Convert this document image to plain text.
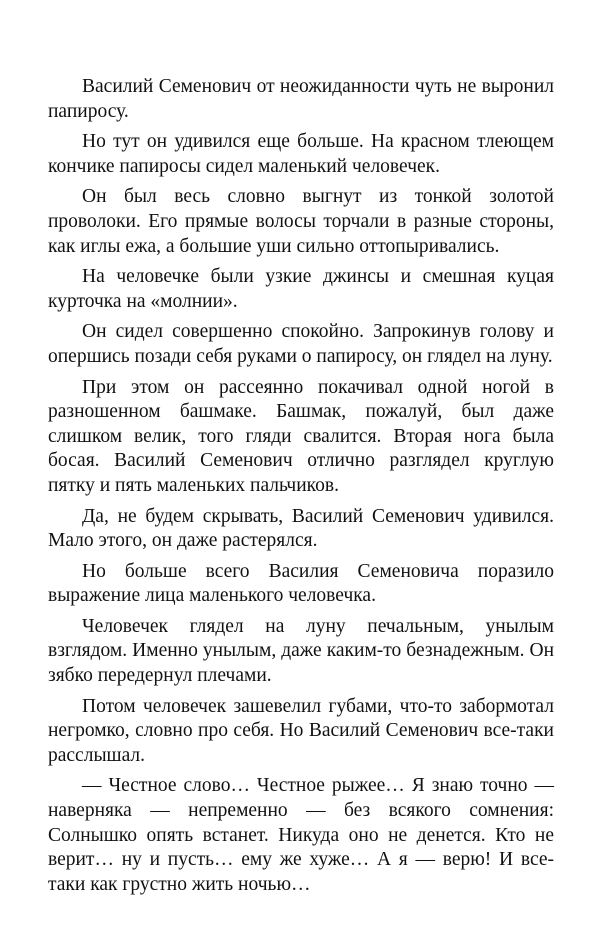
Василий Семенович от неожиданности чуть не выронил папиросу.

Но тут он удивился еще больше. На красном тлеющем кончике папиросы сидел маленький человечек.

Он был весь словно выгнут из тонкой золотой проволоки. Его прямые волосы торчали в разные стороны, как иглы ежа, а большие уши сильно оттопыривались.

На человечке были узкие джинсы и смешная куцая курточка на «молнии».

Он сидел совершенно спокойно. Запрокинув голову и опершись позади себя руками о папиросу, он глядел на луну.

При этом он рассеянно покачивал одной ногой в разношенном башмаке. Башмак, пожалуй, был даже слишком велик, того гляди свалится. Вторая нога была босая. Василий Семенович отлично разглядел круглую пятку и пять маленьких пальчиков.

Да, не будем скрывать, Василий Семенович удивился. Мало этого, он даже растерялся.

Но больше всего Василия Семеновича поразило выражение лица маленького человечка.

Человечек глядел на луну печальным, унылым взглядом. Именно унылым, даже каким-то безнадежным. Он зябко передернул плечами.

Потом человечек зашевелил губами, что-то забормотал негромко, словно про себя. Но Василий Семенович все-таки расслышал.

— Честное слово… Честное рыжее… Я знаю точно — наверняка — непременно — без всякого сомнения: Солнышко опять встанет. Никуда оно не денется. Кто не верит… ну и пусть… ему же хуже… А я — верю! И все-таки как грустно жить ночью…
